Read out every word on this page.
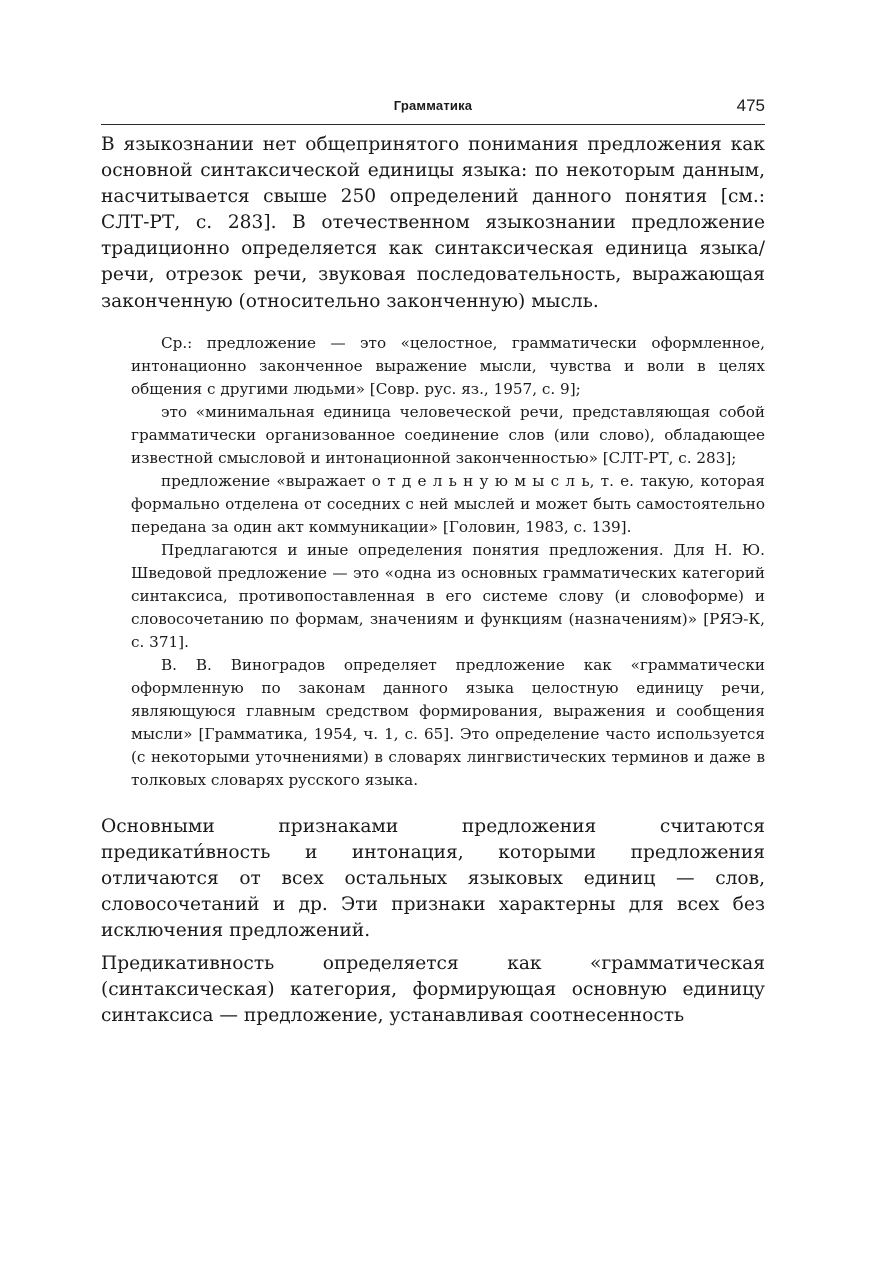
Грамматика	475

В языкознании нет общепринятого понимания предложения как основной синтаксической единицы языка: по некоторым данным, насчитывается свыше 250 определений данного понятия [см.: СЛТ-РТ, с. 283]. В отечественном языкознании предложение традиционно определяется как синтаксическая единица языка/речи, отрезок речи, звуковая последовательность, выражающая законченную (относительно законченную) мысль.

Ср.: предложение — это «целостное, грамматически оформленное, интонационно законченное выражение мысли, чувства и воли в целях общения с другими людьми» [Совр. рус. яз., 1957, с. 9];

это «минимальная единица человеческой речи, представляющая собой грамматически организованное соединение слов (или слово), обладающее известной смысловой и интонационной законченностью» [СЛТ-РТ, с. 283];

предложение «выражает о т д е л ь н у ю м ы с л ь, т. е. такую, которая формально отделена от соседних с ней мыслей и может быть самостоятельно передана за один акт коммуникации» [Головин, 1983, с. 139].

Предлагаются и иные определения понятия предложения. Для Н. Ю. Шведовой предложение — это «одна из основных грамматических категорий синтаксиса, противопоставленная в его системе слову (и словоформе) и словосочетанию по формам, значениям и функциям (назначениям)» [РЯЭ-К, с. 371].

В. В. Виноградов определяет предложение как «грамматически оформленную по законам данного языка целостную единицу речи, являющуюся главным средством формирования, выражения и сообщения мысли» [Грамматика, 1954, ч. 1, с. 65]. Это определение часто используется (с некоторыми уточнениями) в словарях лингвистических терминов и даже в толковых словарях русского языка.

Основными признаками предложения считаются предикати́вность и интонация, которыми предложения отличаются от всех остальных языковых единиц — слов, словосочетаний и др. Эти признаки характерны для всех без исключения предложений.

Предикативность определяется как «грамматическая (синтаксическая) категория, формирующая основную единицу синтаксиса — предложение, устанавливая соотнесенность
